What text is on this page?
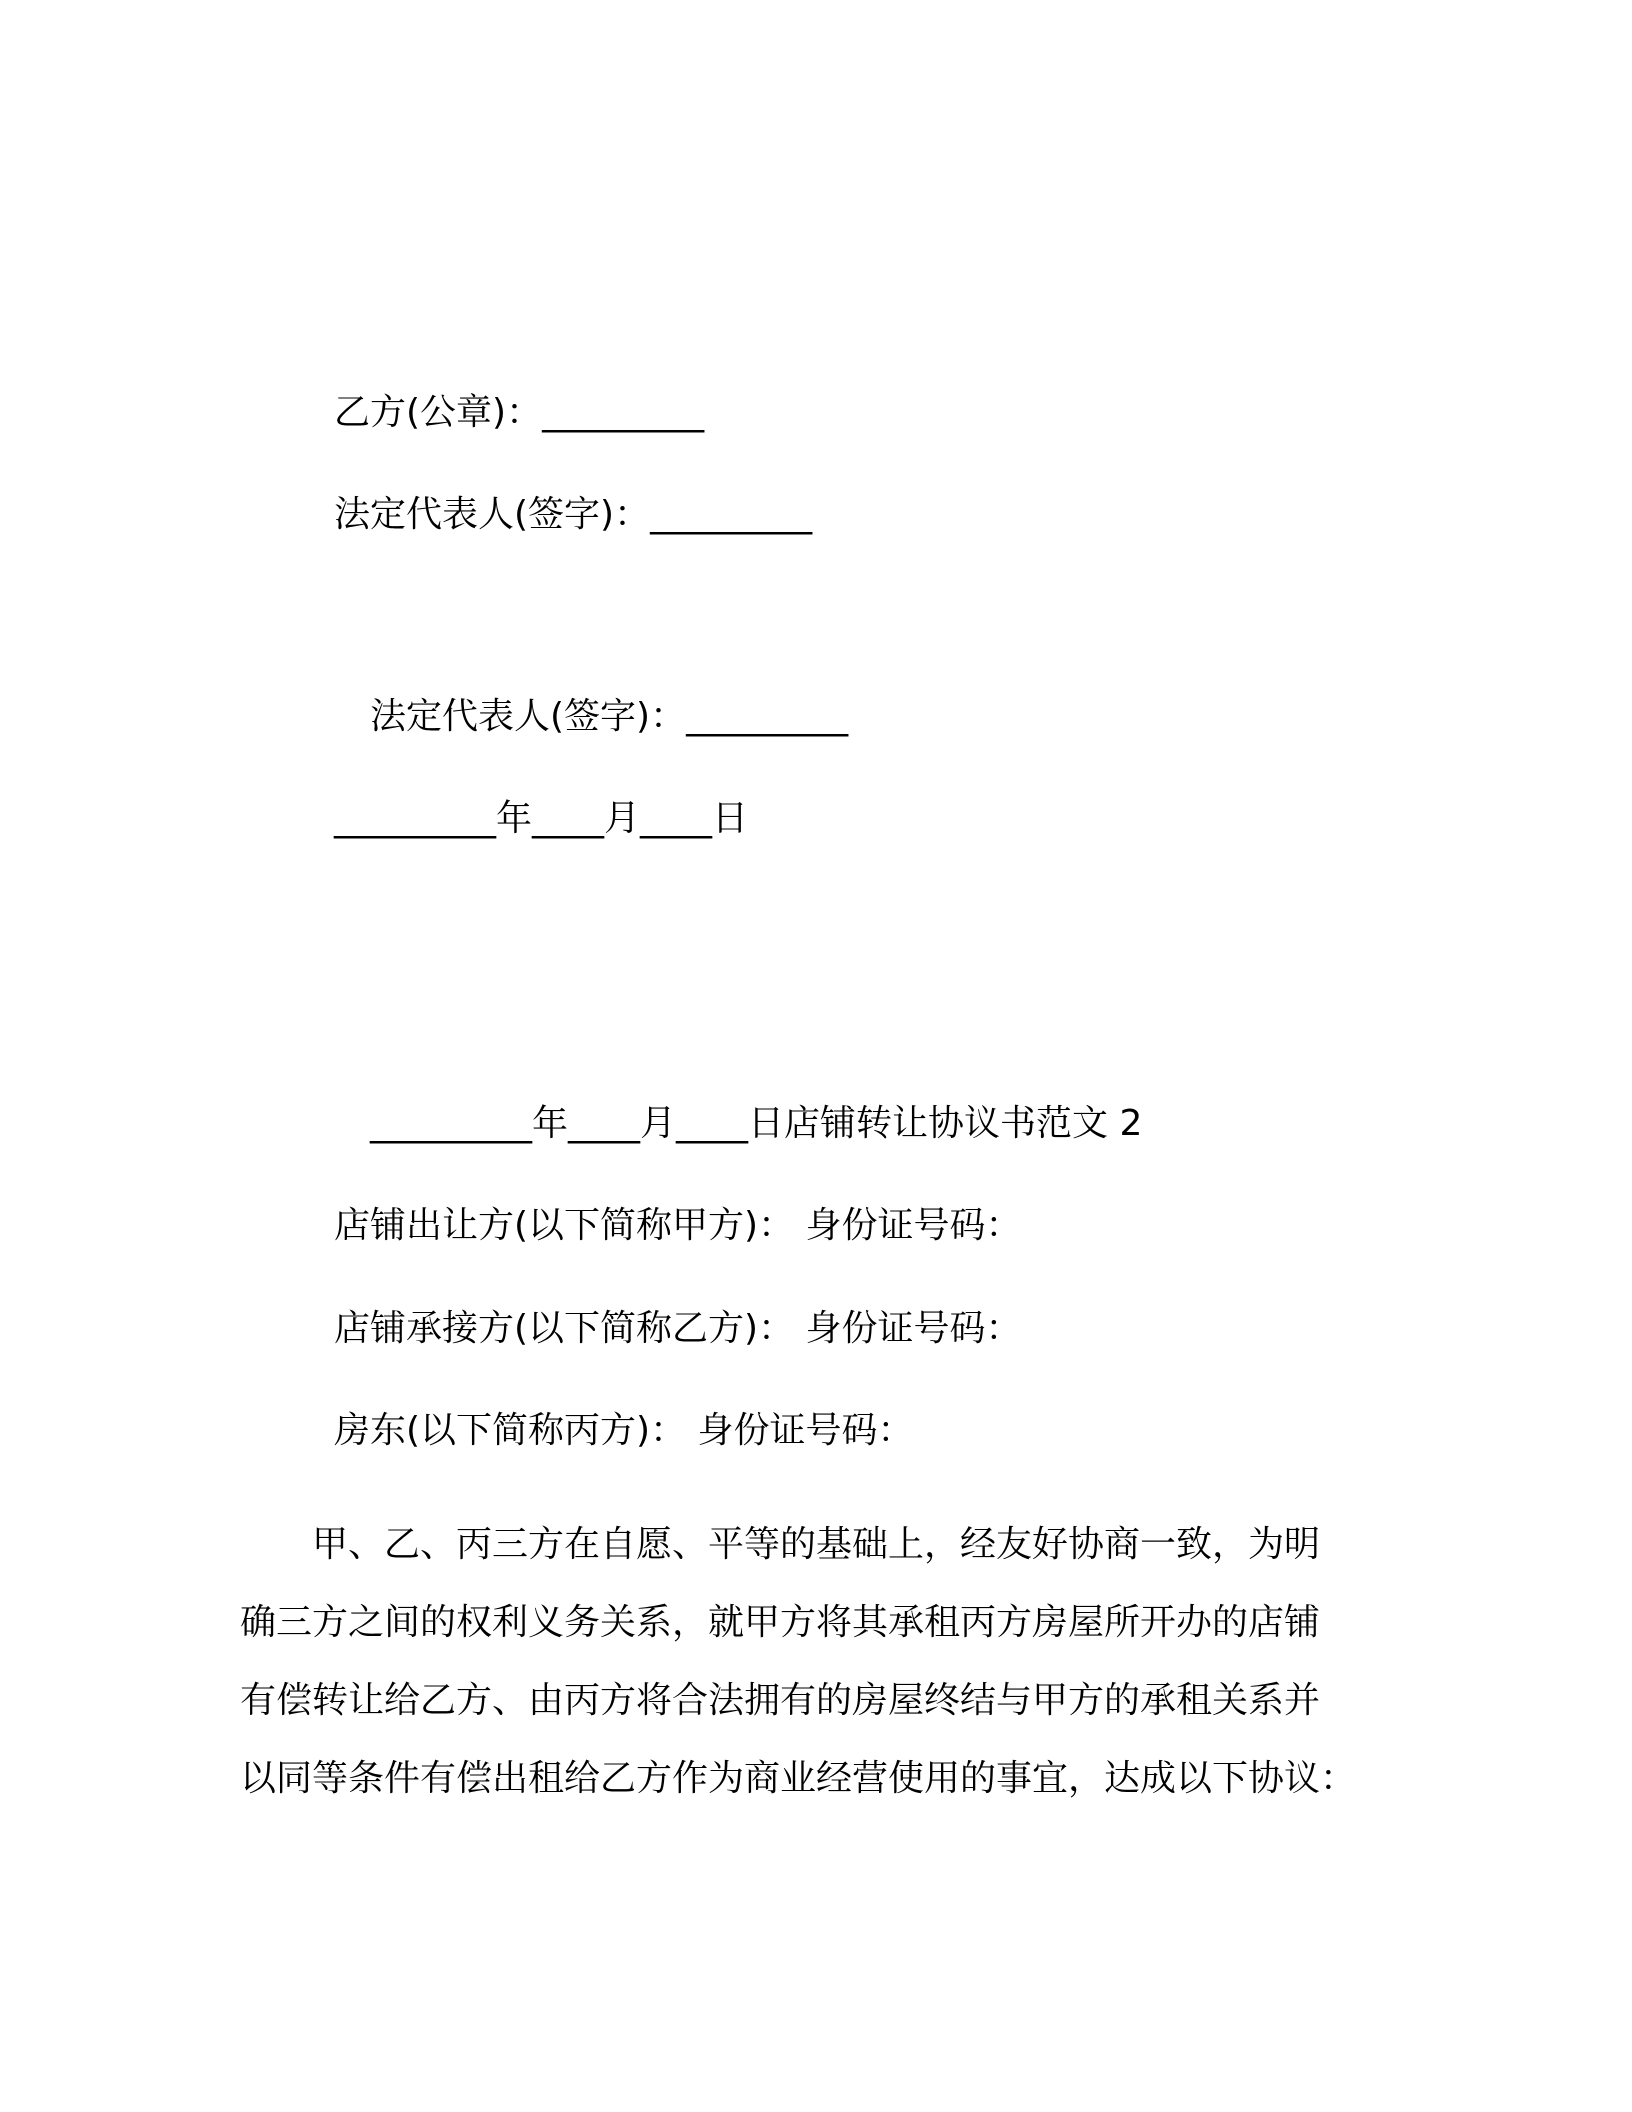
乙方(公章)：_________
法定代表人(签字)：_________
法定代表人(签字)：_________
_________年____月____日
_________年____月____日店铺转让协议书范文 2
店铺出让方(以下简称甲方)： 身份证号码：
店铺承接方(以下简称乙方)： 身份证号码：
房东(以下简称丙方)： 身份证号码：

　　甲、乙、丙三方在自愿、平等的基础上，经友好协商一致，为明

确三方之间的权利义务关系，就甲方将其承租丙方房屋所开办的店铺

有偿转让给乙方、由丙方将合法拥有的房屋终结与甲方的承租关系并

以同等条件有偿出租给乙方作为商业经营使用的事宜，达成以下协议：
